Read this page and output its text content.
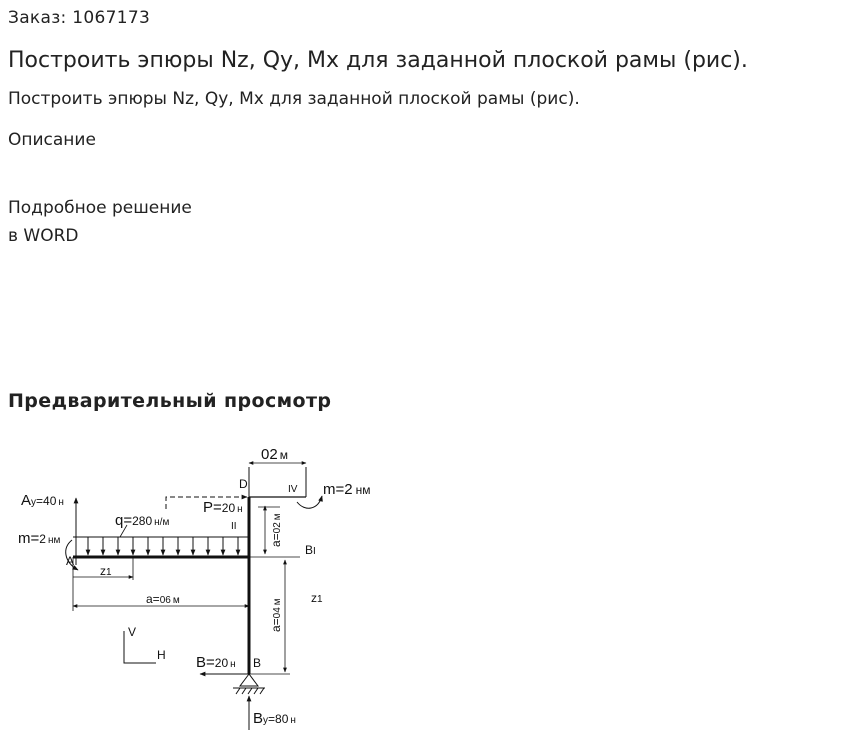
Заказ: 1067173
Построить эпюры Nz, Qy, Mx для заданной плоской рамы (рис).
Построить эпюры Nz, Qy, Mx для заданной плоской рамы (рис).
Описание
Подробное решение
в WORD
Предварительный просмотр
02 м
D	IV
II
m=2 нм
Ay=40 н	P=20 н
q=280 н/м
m=2 нм
A
z1
a=06 м
a=02м
a=04м
BI
z1
V
H B=20 н B
By=80 н
